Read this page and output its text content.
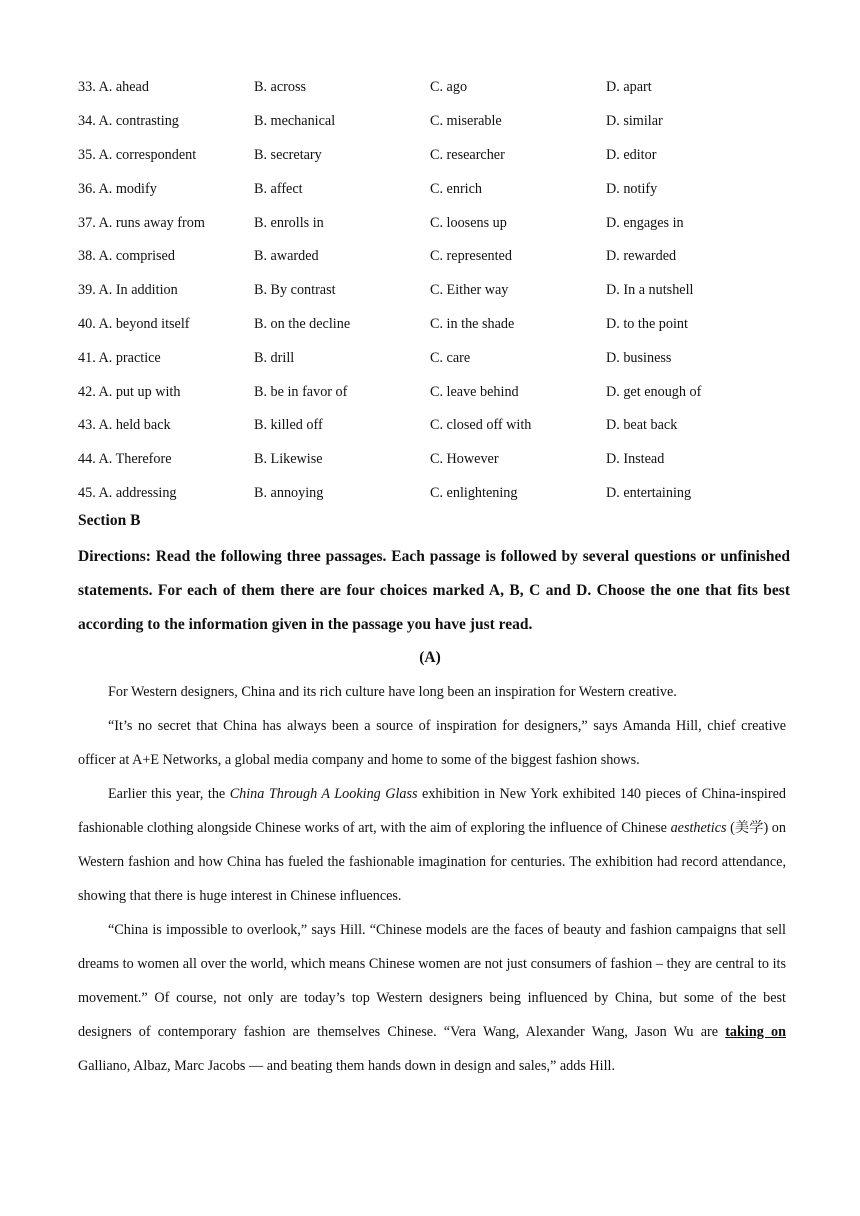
33. A. ahead	B. across	C. ago	D. apart
34. A. contrasting	B. mechanical	C. miserable	D. similar
35. A. correspondent	B. secretary	C. researcher	D. editor
36. A. modify	B. affect	C. enrich	D. notify
37. A. runs away from	B. enrolls in	C. loosens up	D. engages in
38. A. comprised	B. awarded	C. represented	D. rewarded
39. A. In addition	B. By contrast	C. Either way	D. In a nutshell
40. A. beyond itself	B. on the decline	C. in the shade	D. to the point
41. A. practice	B. drill	C. care	D. business
42. A. put up with	B. be in favor of	C. leave behind	D. get enough of
43. A. held back	B. killed off	C. closed off with	D. beat back
44. A. Therefore	B. Likewise	C. However	D. Instead
45. A. addressing	B. annoying	C. enlightening	D. entertaining
Section B
Directions: Read the following three passages. Each passage is followed by several questions or unfinished statements. For each of them there are four choices marked A, B, C and D. Choose the one that fits best according to the information given in the passage you have just read.
(A)

For Western designers, China and its rich culture have long been an inspiration for Western creative.

“It’s no secret that China has always been a source of inspiration for designers,” says Amanda Hill, chief creative officer at A+E Networks, a global media company and home to some of the biggest fashion shows.

Earlier this year, the China Through A Looking Glass exhibition in New York exhibited 140 pieces of China-inspired fashionable clothing alongside Chinese works of art, with the aim of exploring the influence of Chinese aesthetics (美学) on Western fashion and how China has fueled the fashionable imagination for centuries. The exhibition had record attendance, showing that there is huge interest in Chinese influences.

“China is impossible to overlook,” says Hill. “Chinese models are the faces of beauty and fashion campaigns that sell dreams to women all over the world, which means Chinese women are not just consumers of fashion – they are central to its movement.” Of course, not only are today’s top Western designers being influenced by China, but some of the best designers of contemporary fashion are themselves Chinese. “Vera Wang, Alexander Wang, Jason Wu are taking on Galliano, Albaz, Marc Jacobs — and beating them hands down in design and sales,” adds Hill.
